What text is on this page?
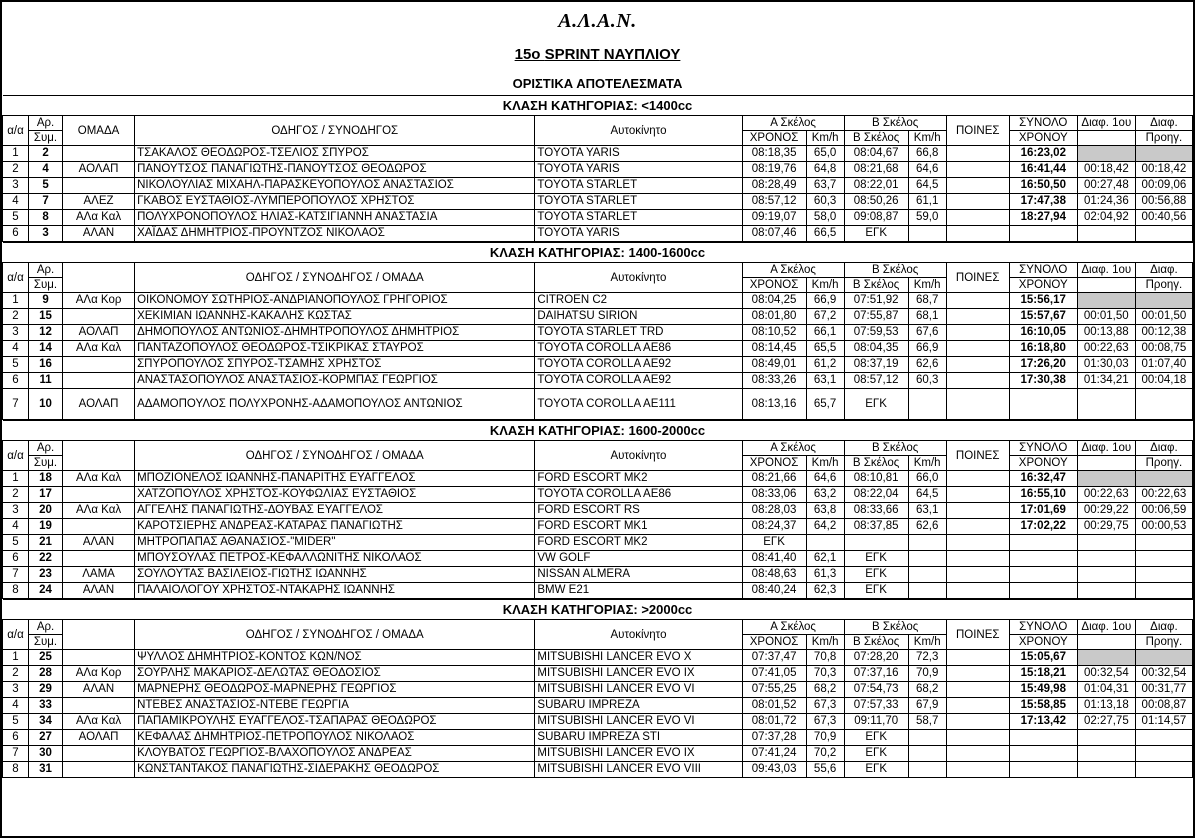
Α.Λ.Α.Ν.
15ο SPRINT ΝΑΥΠΛΙΟΥ
ΟΡΙΣΤΙΚΑ ΑΠΟΤΕΛΕΣΜΑΤΑ
ΚΛΑΣΗ ΚΑΤΗΓΟΡΙΑΣ: <1400cc												
α/α	Αρ.	ΟΜΑΔΑ	ΟΔΗΓΟΣ / ΣΥΝΟΔΗΓΟΣ	Αυτοκίνητο	Α Σκέλος		Β Σκέλος		ΠΟΙΝΕΣ	ΣΥΝΟΛΟ	Διαφ. 1ου	Διαφ.
	Συμ.				ΧΡΟΝΟΣ	Km/h	Β Σκέλος	Km/h		ΧΡΟΝΟΥ		Προηγ.
1	2		ΤΣΑΚΑΛΟΣ ΘΕΟΔΩΡΟΣ-ΤΣΕΛΙΟΣ ΣΠΥΡΟΣ	TOYOTA YARIS	08:18,35	65,0	08:04,67	66,8		16:23,02		
2	4	ΑΟΛΑΠ	ΠΑΝΟΥΤΣΟΣ ΠΑΝΑΓΙΩΤΗΣ-ΠΑΝΟΥΤΣΟΣ ΘΕΟΔΩΡΟΣ	TOYOTA YARIS	08:19,76	64,8	08:21,68	64,6		16:41,44	00:18,42	00:18,42
3	5		ΝΙΚΟΛΟΥΛΙΑΣ ΜΙΧΑΗΛ-ΠΑΡΑΣΚΕΥΟΠΟΥΛΟΣ ΑΝΑΣΤΑΣΙΟΣ	TOYOTA STARLET	08:28,49	63,7	08:22,01	64,5		16:50,50	00:27,48	00:09,06
4	7	ΑΛΕΖ	ΓΚΑΒΟΣ ΕΥΣΤΑΘΙΟΣ-ΛΥΜΠΕΡΟΠΟΥΛΟΣ ΧΡΗΣΤΟΣ	TOYOTA STARLET	08:57,12	60,3	08:50,26	61,1		17:47,38	01:24,36	00:56,88
5	8	ΑΛα Καλ	ΠΟΛΥΧΡΟΝΟΠΟΥΛΟΣ ΗΛΙΑΣ-ΚΑΤΣΙΓΙΑΝΝΗ ΑΝΑΣΤΑΣΙΑ	TOYOTA STARLET	09:19,07	58,0	09:08,87	59,0		18:27,94	02:04,92	00:40,56
6	3	ΑΛΑΝ	ΧΑΪΔΑΣ ΔΗΜΗΤΡΙΟΣ-ΠΡΟΥΝΤΖΟΣ ΝΙΚΟΛΑΟΣ	TOYOTA YARIS	08:07,46	66,5	ΕΓΚ					
ΚΛΑΣΗ ΚΑΤΗΓΟΡΙΑΣ: 1400-1600cc												
α/α	Αρ.		ΟΔΗΓΟΣ / ΣΥΝΟΔΗΓΟΣ / ΟΜΑΔΑ	Αυτοκίνητο	Α Σκέλος		Β Σκέλος		ΠΟΙΝΕΣ	ΣΥΝΟΛΟ	Διαφ. 1ου	Διαφ.
	Συμ.				ΧΡΟΝΟΣ	Km/h	Β Σκέλος	Km/h		ΧΡΟΝΟΥ		Προηγ.
1	9	ΑΛα Κορ	ΟΙΚΟΝΟΜΟΥ ΣΩΤΗΡΙΟΣ-ΑΝΔΡΙΑΝΟΠΟΥΛΟΣ ΓΡΗΓΟΡΙΟΣ	CITROEN C2	08:04,25	66,9	07:51,92	68,7		15:56,17		
2	15		ΧΕΚΙΜΙΑΝ ΙΩΑΝΝΗΣ-ΚΑΚΑΛΗΣ ΚΩΣΤΑΣ	DAIHATSU SIRION	08:01,80	67,2	07:55,87	68,1		15:57,67	00:01,50	00:01,50
3	12	ΑΟΛΑΠ	ΔΗΜΟΠΟΥΛΟΣ ΑΝΤΩΝΙΟΣ-ΔΗΜΗΤΡΟΠΟΥΛΟΣ ΔΗΜΗΤΡΙΟΣ	TOYOTA STARLET TRD	08:10,52	66,1	07:59,53	67,6		16:10,05	00:13,88	00:12,38
4	14	ΑΛα Καλ	ΠΑΝΤΑΖΟΠΟΥΛΟΣ ΘΕΟΔΩΡΟΣ-ΤΣΙΚΡΙΚΑΣ ΣΤΑΥΡΟΣ	TOYOTA COROLLA AE86	08:14,45	65,5	08:04,35	66,9		16:18,80	00:22,63	00:08,75
5	16		ΣΠΥΡΟΠΟΥΛΟΣ ΣΠΥΡΟΣ-ΤΣΑΜΗΣ ΧΡΗΣΤΟΣ	TOYOTA COROLLA AE92	08:49,01	61,2	08:37,19	62,6		17:26,20	01:30,03	01:07,40
6	11		ΑΝΑΣΤΑΣΟΠΟΥΛΟΣ ΑΝΑΣΤΑΣΙΟΣ-ΚΟΡΜΠΑΣ ΓΕΩΡΓΙΟΣ	TOYOTA COROLLA AE92	08:33,26	63,1	08:57,12	60,3		17:30,38	01:34,21	00:04,18
7	10	ΑΟΛΑΠ	ΑΔΑΜΟΠΟΥΛΟΣ ΠΟΛΥΧΡΟΝΗΣ-ΑΔΑΜΟΠΟΥΛΟΣ ΑΝΤΩΝΙΟΣ	TOYOTA COROLLA AE111	08:13,16	65,7	ΕΓΚ					
ΚΛΑΣΗ ΚΑΤΗΓΟΡΙΑΣ: 1600-2000cc												
α/α	Αρ.		ΟΔΗΓΟΣ / ΣΥΝΟΔΗΓΟΣ / ΟΜΑΔΑ	Αυτοκίνητο	Α Σκέλος		Β Σκέλος		ΠΟΙΝΕΣ	ΣΥΝΟΛΟ	Διαφ. 1ου	Διαφ.
	Συμ.				ΧΡΟΝΟΣ	Km/h	Β Σκέλος	Km/h		ΧΡΟΝΟΥ		Προηγ.
1	18	ΑΛα Καλ	ΜΠΟΖΙΟΝΕΛΟΣ ΙΩΑΝΝΗΣ-ΠΑΝΑΡΙΤΗΣ ΕΥΑΓΓΕΛΟΣ	FORD ESCORT MK2	08:21,66	64,6	08:10,81	66,0		16:32,47		
2	17		ΧΑΤΖΟΠΟΥΛΟΣ ΧΡΗΣΤΟΣ-ΚΟΥΦΩΛΙΑΣ ΕΥΣΤΑΘΙΟΣ	TOYOTA COROLLA AE86	08:33,06	63,2	08:22,04	64,5		16:55,10	00:22,63	00:22,63
3	20	ΑΛα Καλ	ΑΓΓΕΛΗΣ ΠΑΝΑΓΙΩΤΗΣ-ΔΟΥΒΑΣ ΕΥΑΓΓΕΛΟΣ	FORD ESCORT RS	08:28,03	63,8	08:33,66	63,1		17:01,69	00:29,22	00:06,59
4	19		ΚΑΡΟΤΣΙΕΡΗΣ ΑΝΔΡΕΑΣ-ΚΑΤΑΡΑΣ ΠΑΝΑΓΙΩΤΗΣ	FORD ESCORT MK1	08:24,37	64,2	08:37,85	62,6		17:02,22	00:29,75	00:00,53
5	21	ΑΛΑΝ	ΜΗΤΡΟΠΑΠΑΣ ΑΘΑΝΑΣΙΟΣ-"MIDER"	FORD ESCORT MK2	ΕΓΚ							
6	22		ΜΠΟΥΣΟΥΛΑΣ ΠΕΤΡΟΣ-ΚΕΦΑΛΛΩΝΙΤΗΣ ΝΙΚΟΛΑΟΣ	VW GOLF	08:41,40	62,1	ΕΓΚ					
7	23	ΛΑΜΑ	ΣΟΥΛΟΥΤΑΣ ΒΑΣΙΛΕΙΟΣ-ΓΙΩΤΗΣ ΙΩΑΝΝΗΣ	NISSAN ALMERA	08:48,63	61,3	ΕΓΚ					
8	24	ΑΛΑΝ	ΠΑΛΑΙΟΛΟΓΟΥ ΧΡΗΣΤΟΣ-ΝΤΑΚΑΡΗΣ ΙΩΑΝΝΗΣ	BMW E21	08:40,24	62,3	ΕΓΚ					
ΚΛΑΣΗ ΚΑΤΗΓΟΡΙΑΣ: >2000cc												
α/α	Αρ.		ΟΔΗΓΟΣ / ΣΥΝΟΔΗΓΟΣ / ΟΜΑΔΑ	Αυτοκίνητο	Α Σκέλος		Β Σκέλος		ΠΟΙΝΕΣ	ΣΥΝΟΛΟ	Διαφ. 1ου	Διαφ.
	Συμ.				ΧΡΟΝΟΣ	Km/h	Β Σκέλος	Km/h		ΧΡΟΝΟΥ		Προηγ.
1	25		ΨΥΛΛΟΣ ΔΗΜΗΤΡΙΟΣ-ΚΟΝΤΟΣ ΚΩΝ/ΝΟΣ	MITSUBISHI LANCER EVO X	07:37,47	70,8	07:28,20	72,3		15:05,67		
2	28	ΑΛα Κορ	ΣΟΥΡΛΗΣ ΜΑΚΑΡΙΟΣ-ΔΕΛΩΤΑΣ ΘΕΟΔΟΣΙΟΣ	MITSUBISHI LANCER EVO IX	07:41,05	70,3	07:37,16	70,9		15:18,21	00:32,54	00:32,54
3	29	ΑΛΑΝ	ΜΑΡΝΕΡΗΣ ΘΕΟΔΩΡΟΣ-ΜΑΡΝΕΡΗΣ ΓΕΩΡΓΙΟΣ	MITSUBISHI LANCER EVO VI	07:55,25	68,2	07:54,73	68,2		15:49,98	01:04,31	00:31,77
4	33		ΝΤΕΒΕΣ ΑΝΑΣΤΑΣΙΟΣ-ΝΤΕΒΕ ΓΕΩΡΓΙΑ	SUBARU IMPREZA	08:01,52	67,3	07:57,33	67,9		15:58,85	01:13,18	00:08,87
5	34	ΑΛα Καλ	ΠΑΠΑΜΙΚΡΟΥΛΗΣ ΕΥΑΓΓΕΛΟΣ-ΤΣΑΠΑΡΑΣ ΘΕΟΔΩΡΟΣ	MITSUBISHI LANCER EVO VI	08:01,72	67,3	09:11,70	58,7		17:13,42	02:27,75	01:14,57
6	27	ΑΟΛΑΠ	ΚΕΦΑΛΑΣ ΔΗΜΗΤΡΙΟΣ-ΠΕΤΡΟΠΟΥΛΟΣ ΝΙΚΟΛΑΟΣ	SUBARU IMPREZA STI	07:37,28	70,9	ΕΓΚ					
7	30		ΚΛΟΥΒΑΤΟΣ ΓΕΩΡΓΙΟΣ-ΒΛΑΧΟΠΟΥΛΟΣ ΑΝΔΡΕΑΣ	MITSUBISHI LANCER EVO IX	07:41,24	70,2	ΕΓΚ					
8	31		ΚΩΝΣΤΑΝΤΑΚΟΣ ΠΑΝΑΓΙΩΤΗΣ-ΣΙΔΕΡΑΚΗΣ ΘΕΟΔΩΡΟΣ	MITSUBISHI LANCER EVO VIII	09:43,03	55,6	ΕΓΚ					
